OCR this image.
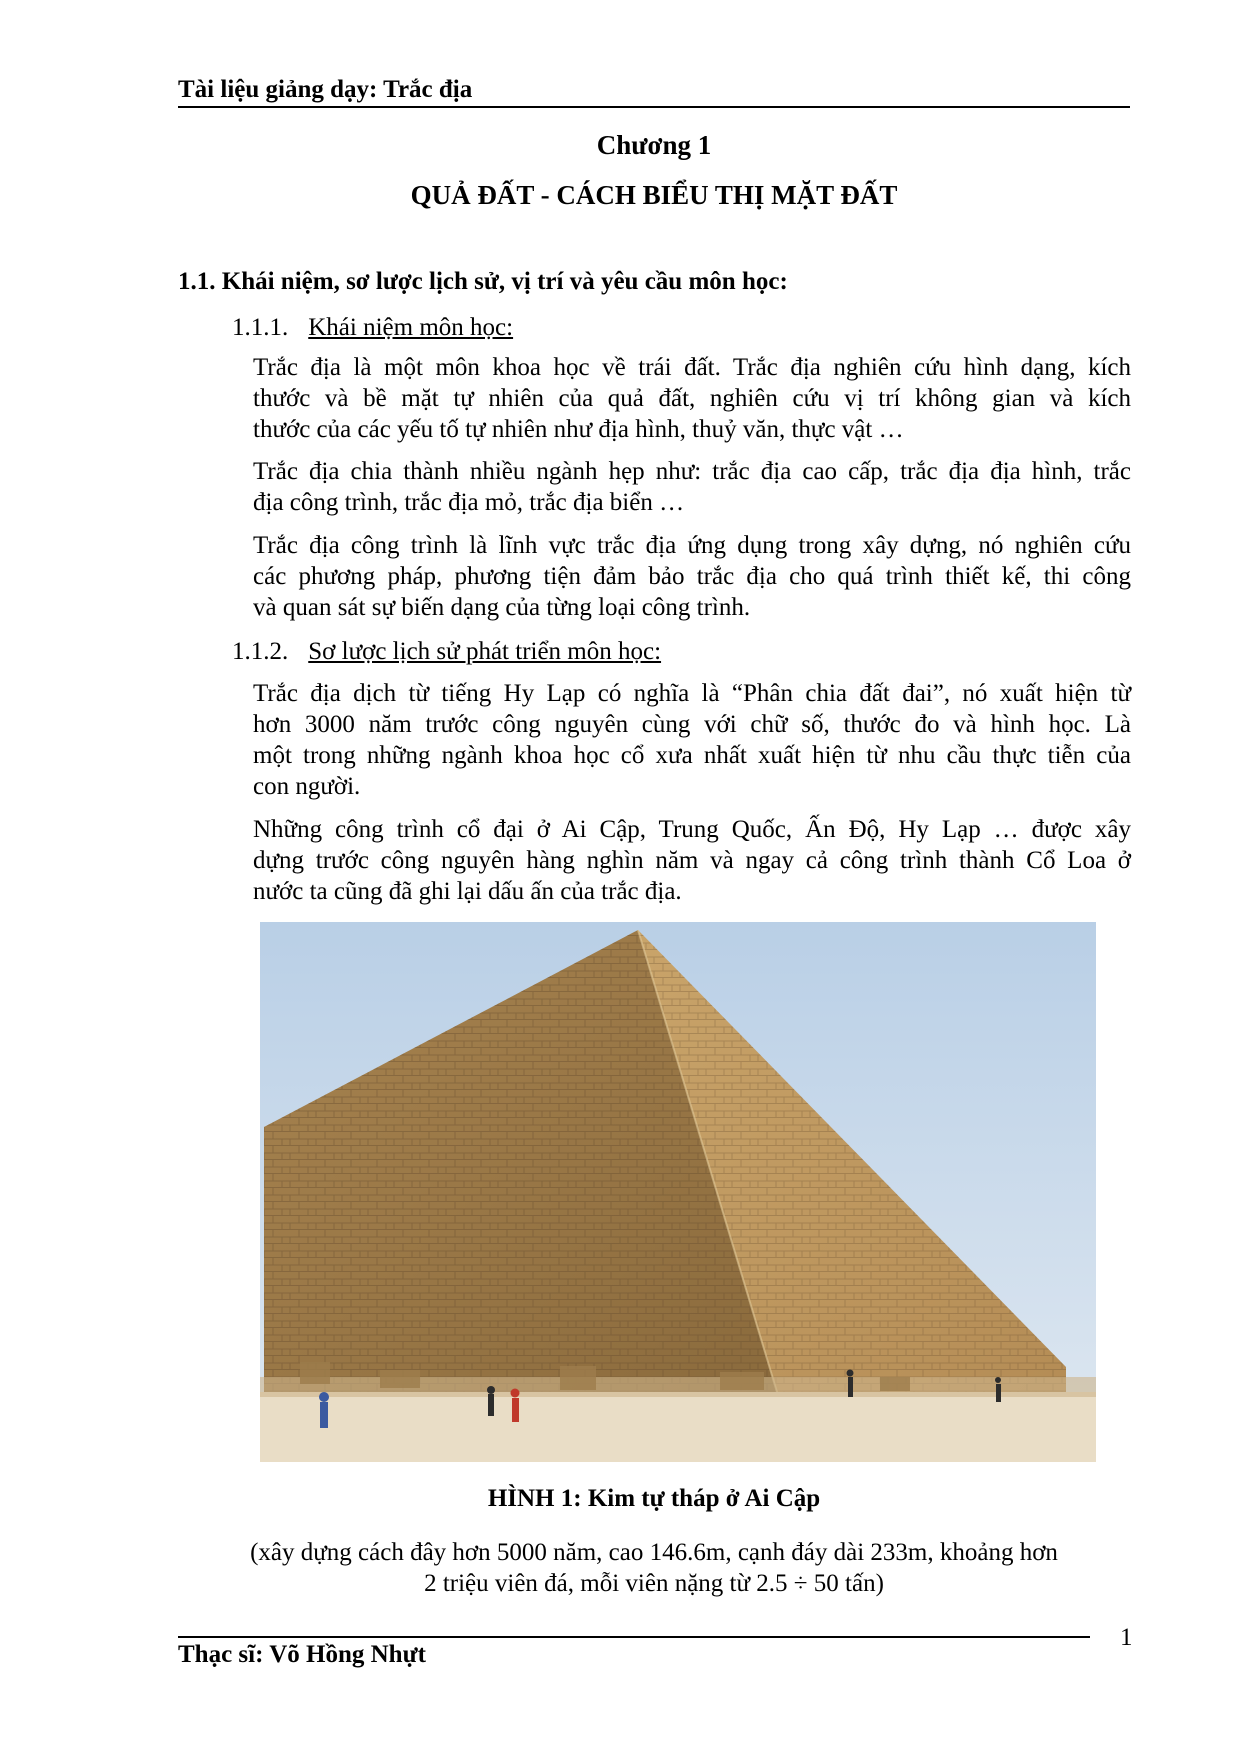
Tài liệu giảng dạy: Trắc địa
Chương 1
QUẢ ĐẤT - CÁCH BIỂU THỊ MẶT ĐẤT
1.1. Khái niệm, sơ lược lịch sử, vị trí và yêu cầu môn học:
1.1.1. Khái niệm môn học:
Trắc địa là một môn khoa học về trái đất. Trắc địa nghiên cứu hình dạng, kích
thước và bề mặt tự nhiên của quả đất, nghiên cứu vị trí không gian và kích
thước của các yếu tố tự nhiên như địa hình, thuỷ văn, thực vật …
Trắc địa chia thành nhiều ngành hẹp như: trắc địa cao cấp, trắc địa địa hình, trắc
địa công trình, trắc địa mỏ, trắc địa biển …
Trắc địa công trình là lĩnh vực trắc địa ứng dụng trong xây dựng, nó nghiên cứu
các phương pháp, phương tiện đảm bảo trắc địa cho quá trình thiết kế, thi công
và quan sát sự biến dạng của từng loại công trình.
1.1.2. Sơ lược lịch sử phát triển môn học:
Trắc địa dịch từ tiếng Hy Lạp có nghĩa là “Phân chia đất đai”, nó xuất hiện từ
hơn 3000 năm trước công nguyên cùng với chữ số, thước đo và hình học. Là
một trong những ngành khoa học cổ xưa nhất xuất hiện từ nhu cầu thực tiễn của
con người.
Những công trình cổ đại ở Ai Cập, Trung Quốc, Ấn Độ, Hy Lạp … được xây
dựng trước công nguyên hàng nghìn năm và ngay cả công trình thành Cổ Loa ở
nước ta cũng đã ghi lại dấu ấn của trắc địa.
HÌNH 1: Kim tự tháp ở Ai Cập
(xây dựng cách đây hơn 5000 năm, cao 146.6m, cạnh đáy dài 233m, khoảng hơn
2 triệu viên đá, mỗi viên nặng từ 2.5 ÷ 50 tấn)
Thạc sĩ: Võ Hồng Nhựt
1
